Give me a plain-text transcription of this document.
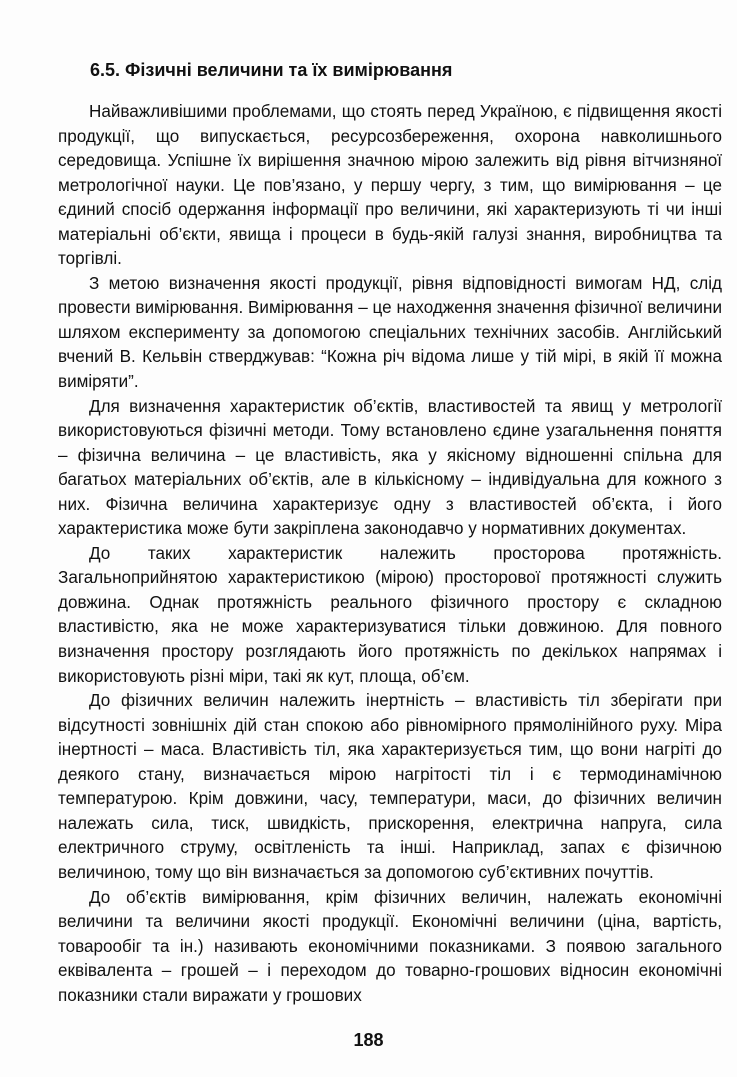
6.5. Фізичні величини та їх вимірювання

Найважливішими проблемами, що стоять перед Україною, є підвищення якості продукції, що випускається, ресурсозбереження, охорона навколишнього середовища. Успішне їх вирішення значною мірою залежить від рівня вітчизняної метрологічної науки. Це пов’язано, у першу чергу, з тим, що вимірювання – це єдиний спосіб одержання інформації про величини, які характеризують ті чи інші матеріальні об’єкти, явища і процеси в будь-якій галузі знання, виробництва та торгівлі.

З метою визначення якості продукції, рівня відповідності вимогам НД, слід провести вимірювання. Вимірювання – це находження значення фізичної величини шляхом експерименту за допомогою спеціальних технічних засобів. Англійський вчений В. Кельвін стверджував: “Кожна річ відома лише у тій мірі, в якій її можна виміряти”.

Для визначення характеристик об’єктів, властивостей та явищ у метрології використовуються фізичні методи. Тому встановлено єдине узагальнення поняття – фізична величина – це властивість, яка у якісному відношенні спільна для багатьох матеріальних об’єктів, але в кількісному – індивідуальна для кожного з них. Фізична величина характеризує одну з властивостей об’єкта, і його характеристика може бути закріплена законодавчо у нормативних документах.

До таких характеристик належить просторова протяжність. Загальноприйнятою характеристикою (мірою) просторової протяжності служить довжина. Однак протяжність реального фізичного простору є складною властивістю, яка не може характеризуватися тільки довжиною. Для повного визначення простору розглядають його протяжність по декількох напрямах і використовують різні міри, такі як кут, площа, об’єм.

До фізичних величин належить інертність – властивість тіл зберігати при відсутності зовнішніх дій стан спокою або рівномірного прямолінійного руху. Міра інертності – маса. Властивість тіл, яка характеризується тим, що вони нагріті до деякого стану, визначається мірою нагрітості тіл і є термодинамічною температурою. Крім довжини, часу, температури, маси, до фізичних величин належать сила, тиск, швидкість, прискорення, електрична напруга, сила електричного струму, освітленість та інші. Наприклад, запах є фізичною величиною, тому що він визначається за допомогою суб’єктивних почуттів.

До об’єктів вимірювання, крім фізичних величин, належать економічні величини та величини якості продукції. Економічні величини (ціна, вартість, товарообіг та ін.) називають економічними показниками. З появою загального еквівалента – грошей – і переходом до товарно-грошових відносин економічні показники стали виражати у грошових

188
